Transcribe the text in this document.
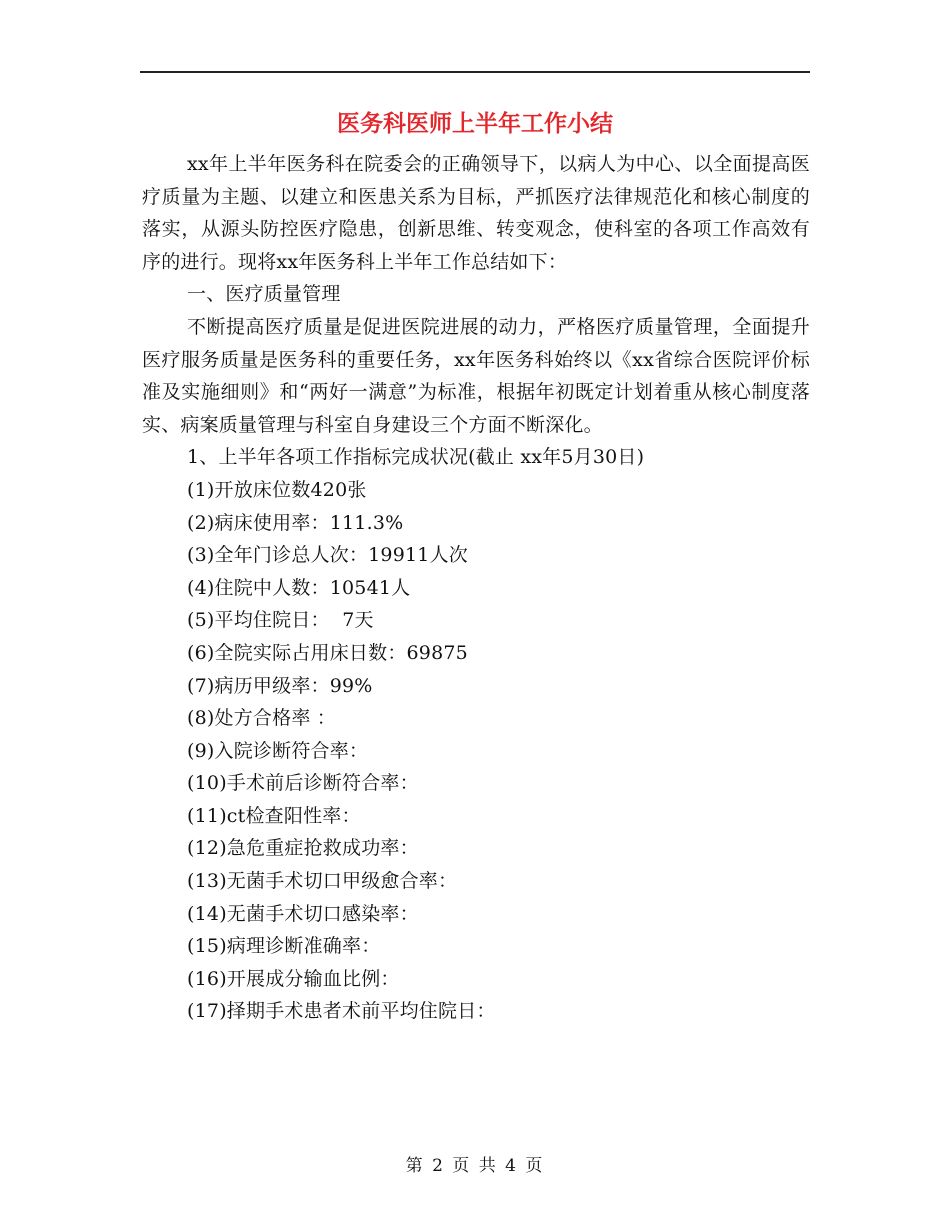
医务科医师上半年工作小结

xx年上半年医务科在院委会的正确领导下，以病人为中心、以全面提高医疗质量为主题、以建立和医患关系为目标，严抓医疗法律规范化和核心制度的落实，从源头防控医疗隐患，创新思维、转变观念，使科室的各项工作高效有序的进行。现将xx年医务科上半年工作总结如下：

一、医疗质量管理

不断提高医疗质量是促进医院进展的动力，严格医疗质量管理，全面提升医疗服务质量是医务科的重要任务，xx年医务科始终以《xx省综合医院评价标准及实施细则》和“两好一满意”为标准，根据年初既定计划着重从核心制度落实、病案质量管理与科室自身建设三个方面不断深化。

1、上半年各项工作指标完成状况(截止 xx年5月30日)

(1)开放床位数420张

(2)病床使用率：111.3%

(3)全年门诊总人次：19911人次

(4)住院中人数：10541人

(5)平均住院日：  7天

(6)全院实际占用床日数：69875

(7)病历甲级率：99%

(8)处方合格率 ：

(9)入院诊断符合率：

(10)手术前后诊断符合率：

(11)ct检查阳性率：

(12)急危重症抢救成功率：

(13)无菌手术切口甲级愈合率：

(14)无菌手术切口感染率：

(15)病理诊断准确率：

(16)开展成分输血比例：

(17)择期手术患者术前平均住院日：

第 2 页 共 4 页
